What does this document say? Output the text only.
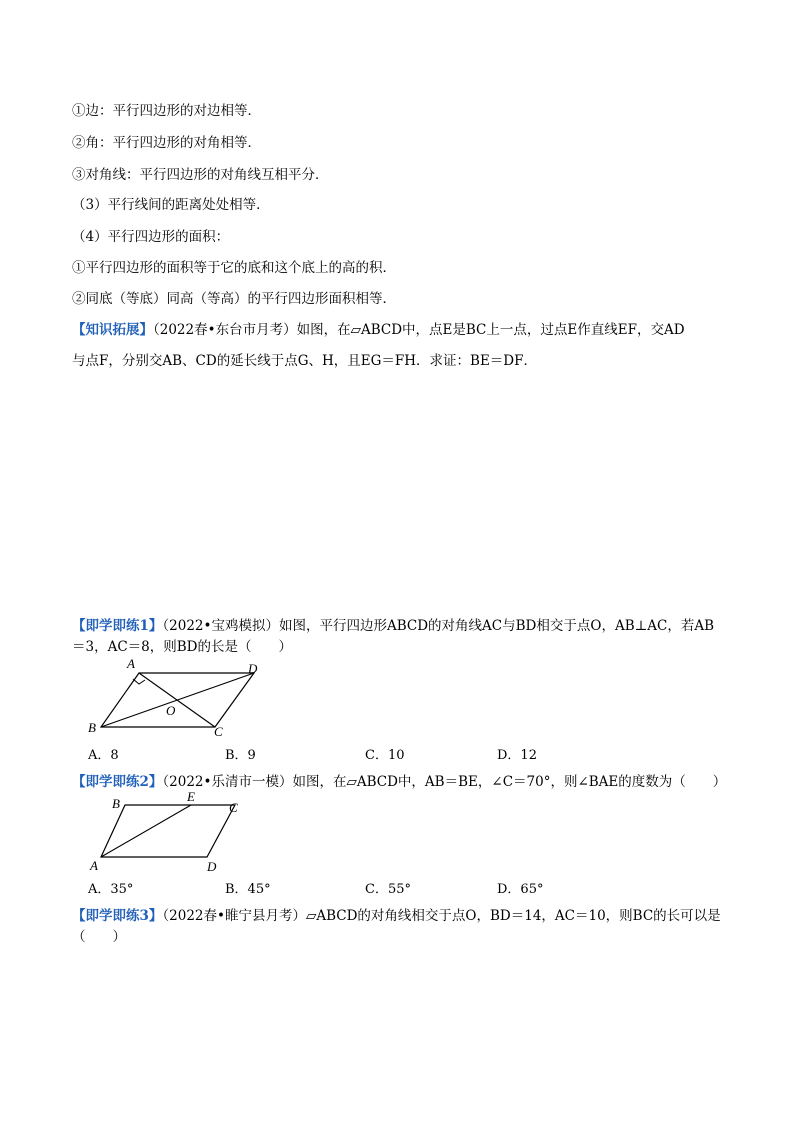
①边：平行四边形的对边相等．
②角：平行四边形的对角相等．
③对角线：平行四边形的对角线互相平分．
（3）平行线间的距离处处相等．
（4）平行四边形的面积：
①平行四边形的面积等于它的底和这个底上的高的积．
②同底（等底）同高（等高）的平行四边形面积相等．
【知识拓展】（2022春•东台市月考）如图，在▱ABCD中，点E是BC上一点，过点E作直线EF，交AD
与点F，分别交AB、CD的延长线于点G、H，且EG＝FH．求证：BE＝DF．
【即学即练1】（2022•宝鸡模拟）如图，平行四边形ABCD的对角线AC与BD相交于点O，AB⊥AC，若AB
＝3，AC＝8，则BD的长是（　　）
A	D
B	C
O
A．8	B．9	C．10	D．12
【即学即练2】（2022•乐清市一模）如图，在▱ABCD中，AB＝BE，∠C＝70°，则∠BAE的度数为（　　）
B	E
C
A	D
A．35°	B．45°	C．55°	D．65°
【即学即练3】（2022春•睢宁县月考）▱ABCD的对角线相交于点O，BD＝14，AC＝10，则BC的长可以是
（　　）
